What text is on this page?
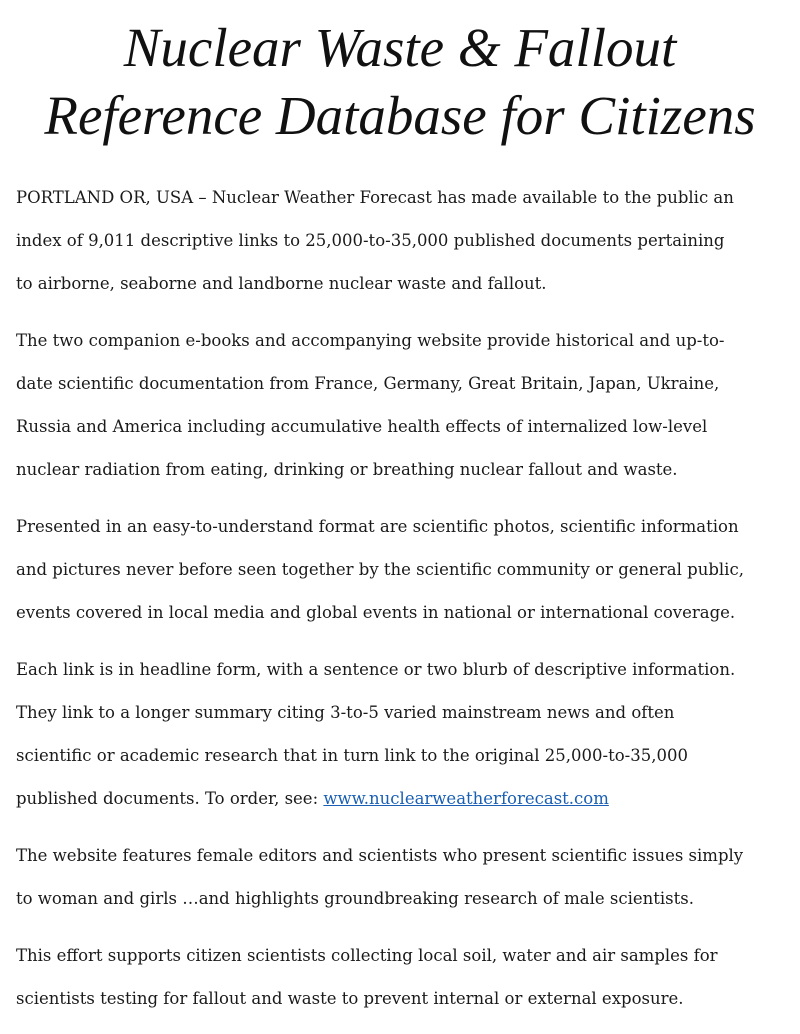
Nuclear Waste & Fallout
Reference Database for Citizens

PORTLAND OR, USA – Nuclear Weather Forecast has made available to the public an
index of 9,011 descriptive links to 25,000-to-35,000 published documents pertaining
to airborne, seaborne and landborne nuclear waste and fallout.

The two companion e-books and accompanying website provide historical and up-to-
date scientific documentation from France, Germany, Great Britain, Japan, Ukraine,
Russia and America including accumulative health effects of internalized low-level
nuclear radiation from eating, drinking or breathing nuclear fallout and waste.

Presented in an easy-to-understand format are scientific photos, scientific information
and pictures never before seen together by the scientific community or general public,
events covered in local media and global events in national or international coverage.

Each link is in headline form, with a sentence or two blurb of descriptive information.
They link to a longer summary citing 3-to-5 varied mainstream news and often
scientific or academic research that in turn link to the original 25,000-to-35,000
published documents. To order, see: www.nuclearweatherforecast.com

The website features female editors and scientists who present scientific issues simply
to woman and girls …and highlights groundbreaking research of male scientists.

This effort supports citizen scientists collecting local soil, water and air samples for
scientists testing for fallout and waste to prevent internal or external exposure.
